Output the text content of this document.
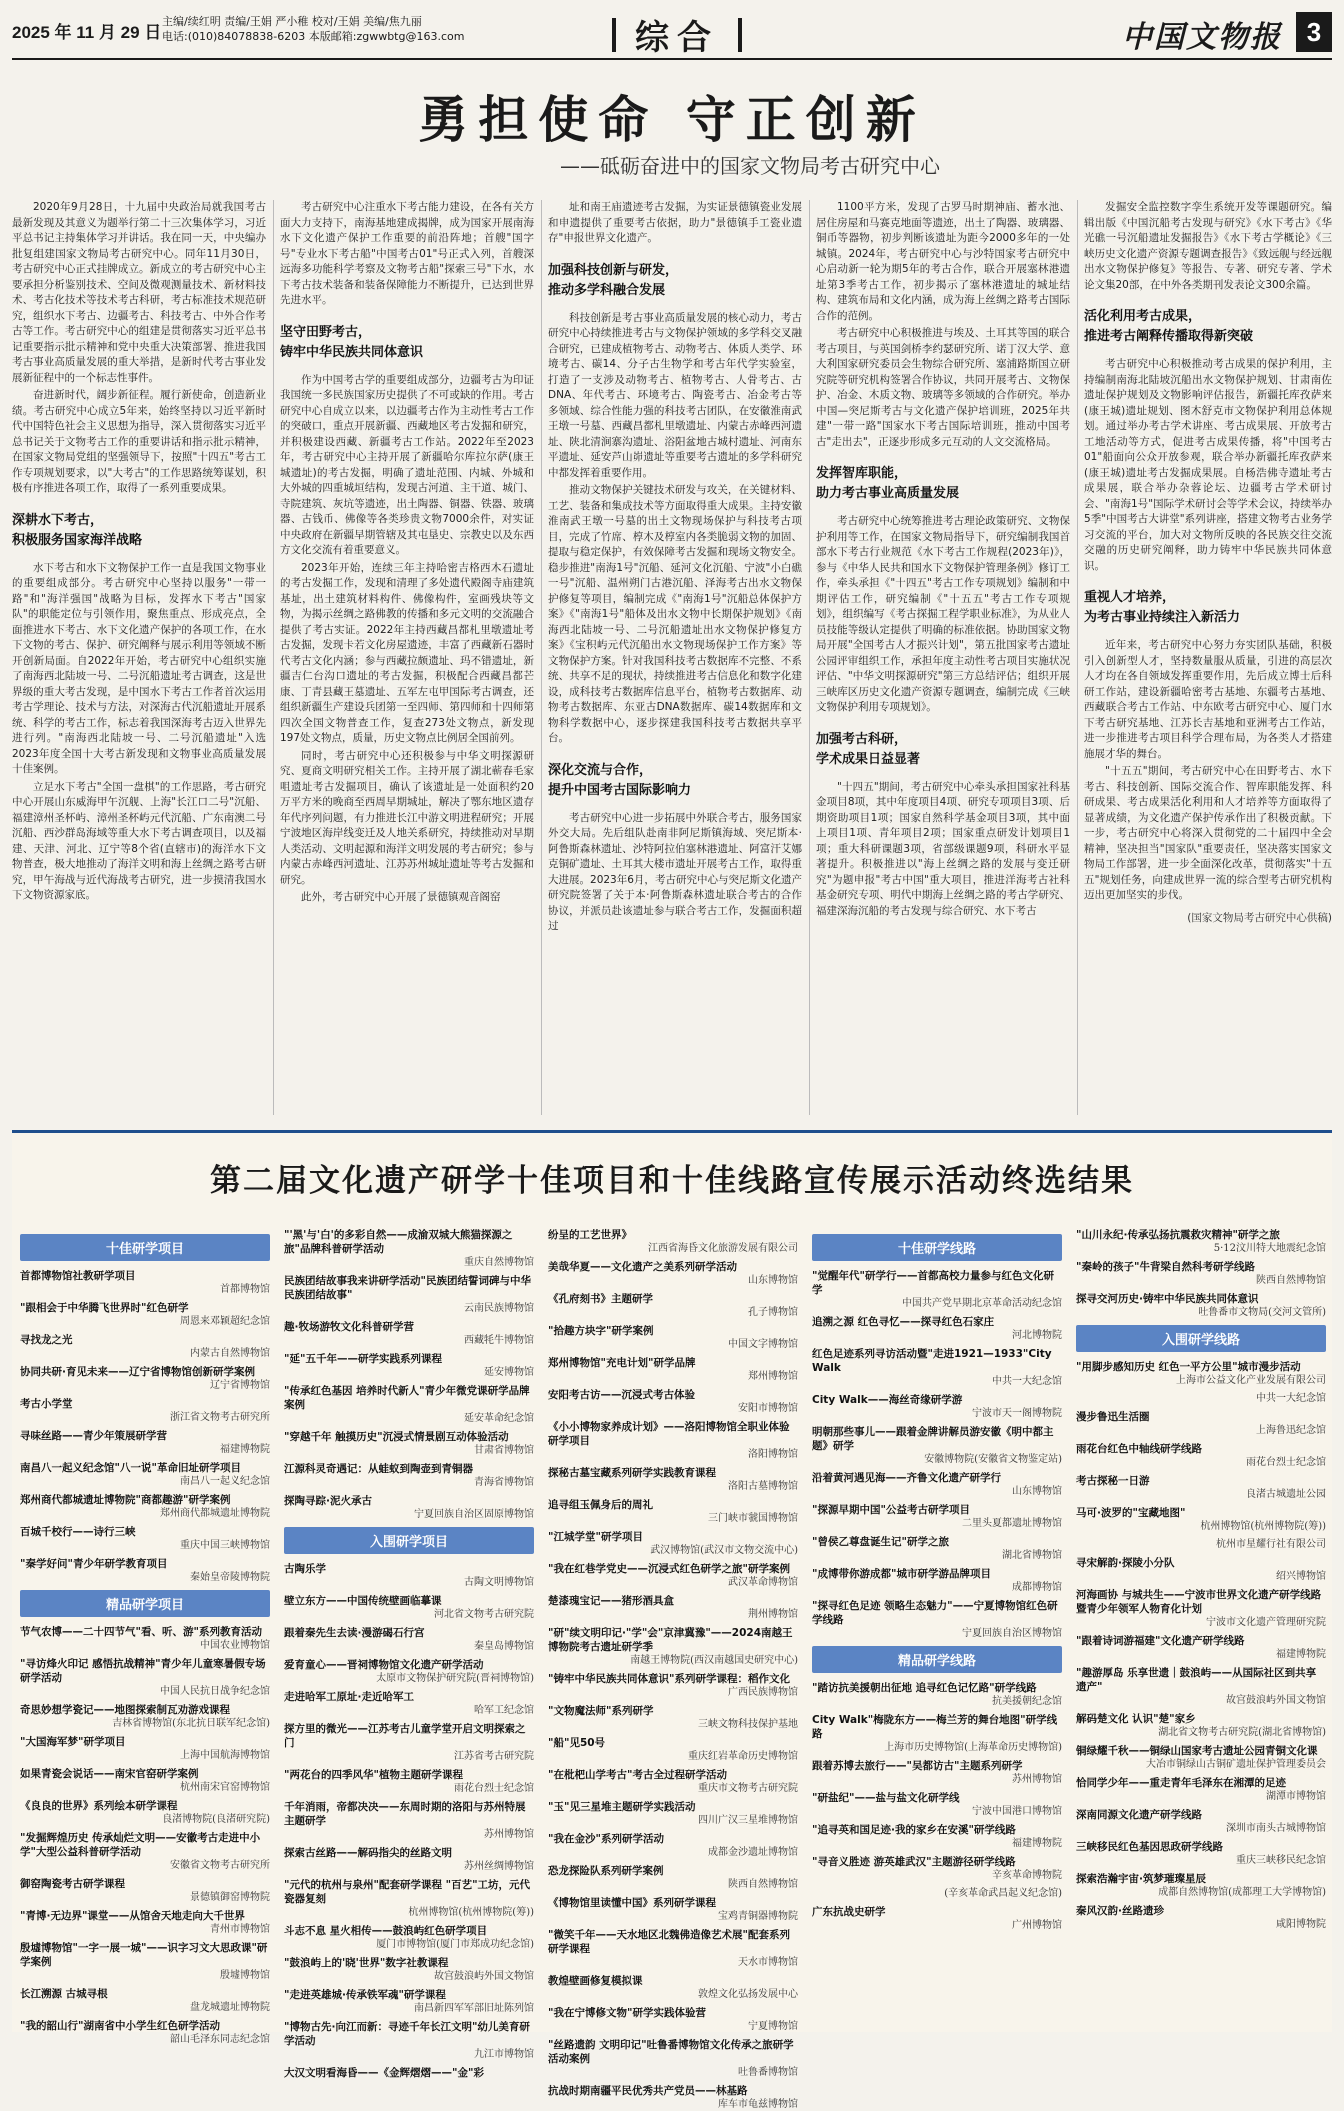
2025 年 11 月 29 日
主编/续红明 责编/王娟 严小稚 校对/王娟 美编/焦九丽
电话:(010)84078838-6203 本版邮箱:zgwwbtg@163.com	综合	中国文物报 3
勇担使命 守正创新
——砥砺奋进中的国家文物局考古研究中心

2020年9月28日，十九届中央政治局就我国考古最新发现及其意义为题举行第二十三次集体学习，习近平总书记主持集体学习并讲话。我在同一天，中央编办批复组建国家文物局考古研究中心。同年11月30日，考古研究中心正式挂牌成立。新成立的考古研究中心主要承担分析鉴别技术、空间及微观测量技术、新材料技术、考古化技术等技术考古科研，考古标准技术规范研究，组织水下考古、边疆考古、科技考古、中外合作考古等工作。考古研究中心的组建是贯彻落实习近平总书记重要指示批示精神和党中央重大决策部署、推进我国考古事业高质量发展的重大举措，是新时代考古事业发展新征程中的一个标志性事件。

奋进新时代，阔步新征程。履行新使命，创造新业绩。考古研究中心成立5年来，始终坚持以习近平新时代中国特色社会主义思想为指导，深入贯彻落实习近平总书记关于文物考古工作的重要讲话和指示批示精神，在国家文物局党组的坚强领导下，按照"十四五"考古工作专项规划要求，以"大考古"的工作思路统筹谋划，积极有序推进各项工作，取得了一系列重要成果。

深耕水下考古，
积极服务国家海洋战略

水下考古和水下文物保护工作一直是我国文物事业的重要组成部分。考古研究中心坚持以服务"一带一路"和"海洋强国"战略为目标，发挥水下考古"国家队"的职能定位与引领作用，聚焦重点、形成亮点，全面推进水下考古、水下文化遗产保护的各项工作，在水下文物的考古、保护、研究阐释与展示利用等领域不断开创新局面。自2022年开始，考古研究中心组织实施了南海西北陆坡一号、二号沉船遗址考古调查，这是世界级的重大考古发现，是中国水下考古工作者首次运用考古学理论、技术与方法，对深海古代沉船遗址开展系统、科学的考古工作，标志着我国深海考古迈入世界先进行列。"南海西北陆坡一号、二号沉船遗址"入选2023年度全国十大考古新发现和文物事业高质量发展十佳案例。

立足水下考古"全国一盘棋"的工作思路，考古研究中心开展山东威海甲午沉舰、上海"长江口二号"沉船、福建漳州圣杯屿、漳州圣杯屿元代沉船、广东南澳二号沉船、西沙群岛海域等重大水下考古调查项目，以及福建、天津、河北、辽宁等8个省(直辖市)的海洋水下文物普查，极大地推动了海洋文明和海上丝绸之路考古研究，甲午海战与近代海战考古研究，进一步摸清我国水下文物资源家底。

考古研究中心注重水下考古能力建设，在各有关方面大力支持下，南海基地建成揭牌，成为国家开展南海水下文化遗产保护工作重要的前沿阵地；首艘"国字号"专业水下考古船"中国考古01"号正式入列，首艘深远海多功能科学考察及文物考古船"探索三号"下水，水下考古技术装备和装备保障能力不断提升，已达到世界先进水平。

坚守田野考古，
铸牢中华民族共同体意识

作为中国考古学的重要组成部分，边疆考古为印证我国统一多民族国家历史提供了不可或缺的作用。考古研究中心自成立以来，以边疆考古作为主动性考古工作的突破口，重点开展新疆、西藏地区考古发掘和研究，并积极建设西藏、新疆考古工作站。2022年至2023年，考古研究中心主持开展了新疆哈尔库拉尔萨(康王城遗址)的考古发掘，明确了遗址范围、内城、外城和大外城的四重城垣结构，发现古河道、主干道、城门、寺院建筑、灰坑等遗迹，出土陶器、铜器、铁器、玻璃器、古钱币、佛像等各类珍贵文物7000余件，对实证中央政府在新疆早期管辖及其屯垦史、宗教史以及东西方文化交流有着重要意义。

2023年开始，连续三年主持哈密吉格西木石遗址的考古发掘工作，发现和清理了多处遗代殿阁寺庙建筑基址，出土建筑材料构件、佛像构件，室画残块等文物，为揭示丝绸之路佛教的传播和多元文明的交流融合提供了考古实证。2022年主持西藏昌都札里墩遗址考古发掘，发现卡若文化房屋遗迹，丰富了西藏新石器时代考古文化内涵；参与西藏拉颇遗址、玛不错遗址，新疆吉仁台沟口遗址的考古发掘，积极配合西藏昌都芒康、丁青县藏王墓遗址、五军左屯甲国际考古调查，还组织新疆生产建设兵团第一至四师、第四师和十四师第四次全国文物普查工作，复查273处文物点，新发现197处文物点，质量，历史文物点比例居全国前列。

同时，考古研究中心还积极参与中华文明探源研究、夏商文明研究相关工作。主持开展了湖北蕲春毛家咀遗址考古发掘项目，确认了该遗址是一处面积约20万平方米的晚商至西周早期城址，解决了鄂东地区遗存年代序列问题，有力推进长江中游文明进程研究；开展宁波地区海岸线变迁及人地关系研究，持续推动对早期人类活动、文明起源和海洋文明发展的考古研究；参与内蒙古赤峰西河遗址、江苏苏州城址遗址等考古发掘和研究。

此外，考古研究中心开展了景德镇观音阁窑

址和南王庙遗迹考古发掘，为实证景德镇瓷业发展和申遗提供了重要考古依据，助力"景德镇手工瓷业遗存"申报世界文化遗产。

加强科技创新与研发，
推动多学科融合发展

科技创新是考古事业高质量发展的核心动力，考古研究中心持续推进考古与文物保护领域的多学科交叉融合研究，已建成植物考古、动物考古、体质人类学、环境考古、碳14、分子古生物学和考古年代学实验室，打造了一支涉及动物考古、植物考古、人骨考古、古DNA、年代考古、环境考古、陶瓷考古、冶金考古等多领域、综合性能力强的科技考古团队，在安徽淮南武王墩一号墓、西藏昌都札里墩遗址、内蒙古赤峰西河遗址、陕北清涧寨沟遗址、浴阳盆地古城村遗址、河南东平遗址、延安芦山峁遗址等重要考古遗址的多学科研究中都发挥着重要作用。

推动文物保护关键技术研发与攻关，在关键材料、工艺、装备和集成技术等方面取得重大成果。主持安徽淮南武王墩一号墓的出土文物现场保护与科技考古项目，完成了竹席、椁木及椁室内各类脆弱文物的加固、提取与稳定保护，有效保障考古发掘和现场文物安全。稳步推进"南海1号"沉船、延河文化沉船、宁波"小白礁一号"沉船、温州朔门古港沉船、泽海考古出水文物保护修复等项目，编制完成《"南海1号"沉船总体保护方案》《"南海1号"船体及出水文物中长期保护规划》《南海西北陆坡一号、二号沉船遗址出水文物保护修复方案》《宝积屿元代沉船出水文物现场保护工作方案》等文物保护方案。针对我国科技考古数据库不完整、不系统、共享不足的现状，持续推进考古信息化和数字化建设，成科技考古数据库信息平台，植物考古数据库、动物考古数据库、东亚古DNA数据库、碳14数据库和文物科学数据中心，逐步探建我国科技考古数据共享平台。

深化交流与合作，
提升中国考古国际影响力

考古研究中心进一步拓展中外联合考古，服务国家外交大局。先后组队赴南非阿尼斯镇海域、突尼斯本·阿鲁斯森林遗址、沙特阿拉伯塞林港遗址、阿富汗艾娜克铜矿遗址、土耳其大楼市遗址开展考古工作，取得重大进展。2023年6月，考古研究中心与突尼斯文化遗产研究院签署了关于本·阿鲁斯森林遗址联合考古的合作协议，并派员赴该遗址参与联合考古工作，发掘面积超过

1100平方米，发现了古罗马时期神庙、蓄水池、居住房屋和马赛克地面等遗迹，出土了陶器、玻璃器、铜币等器物，初步判断该遗址为距今2000多年的一处城镇。2024年，考古研究中心与沙特国家考古研究中心启动新一轮为期5年的考古合作，联合开展塞林港遗址第3季考古工作，初步揭示了塞林港遗址的城址结构、建筑布局和文化内涵，成为海上丝绸之路考古国际合作的范例。

考古研究中心积极推进与埃及、土耳其等国的联合考古项目，与英国剑桥李约瑟研究所、诺丁汉大学、意大利国家研究委员会生物综合研究所、塞浦路斯国立研究院等研究机构签署合作协议，共同开展考古、文物保护、冶金、木质文物、玻璃等多领域的合作研究。举办中国—突尼斯考古与文化遗产保护培训班，2025年共建"一带一路"国家水下考古国际培训班，推动中国考古"走出去"，正逐步形成多元互动的人文交流格局。

发挥智库职能，
助力考古事业高质量发展

考古研究中心统筹推进考古理论政策研究、文物保护利用等工作，在国家文物局指导下，研究编制我国首部水下考古行业规范《水下考古工作规程(2023年)》，参与《中华人民共和国水下文物保护管理条例》修订工作，牵头承担《"十四五"考古工作专项规划》编制和中期评估工作，研究编制《"十五五"考古工作专项规划》，组织编写《考古探掘工程学职业标准》，为从业人员技能等级认定提供了明确的标准依据。协助国家文物局开展"全国考古人才振兴计划"，第五批国家考古遗址公园评审组织工作，承担年度主动性考古项目实施状况评估、"中华文明探源研究"第三方总结评估；组织开展三峡库区历史文化遗产资源专题调查，编制完成《三峡文物保护利用专项规划》。

加强考古科研，
学术成果日益显著

"十四五"期间，考古研究中心牵头承担国家社科基金项目8项，其中年度项目4项、研究专项项目3项、后期资助项目1项；国家自然科学基金项目3项，其中面上项目1项、青年项目2项；国家重点研发计划项目1项；重大科研课题3项，省部级课题9项，科研水平显著提升。积极推进以"海上丝绸之路的发展与变迁研究"为题申报"考古中国"重大项目，推进洋海考古社科基金研究专项、明代中期海上丝绸之路的考古学研究、福建深海沉船的考古发现与综合研究、水下考古

发掘安全监控数字孪生系统开发等课题研究。编辑出版《中国沉船考古发现与研究》《水下考古》《华光礁一号沉船遗址发掘报告》《水下考古学概论》《三峡历史文化遗产资源专题调查报告》《致远舰与经远舰出水文物保护修复》等报告、专著、研究专著、学术论文集20部，在中外各类期刊发表论文300余篇。

活化利用考古成果，
推进考古阐释传播取得新突破

考古研究中心积极推动考古成果的保护利用，主持编制南海北陆坡沉船出水文物保护规划、甘肃南佐遗址保护规划及文物影响评估报告，新疆托库孜萨来(康王城)遗址规划、图木舒克市文物保护利用总体规划。通过举办考古学术讲座、考古成果展、开放考古工地活动等方式，促进考古成果传播，将"中国考古01"船面向公众开放参观，联合举办新疆托库孜萨来(康王城)遗址考古发掘成果展。自杨浩佛寺遗址考古成果展，联合举办杂蓉论坛、边疆考古学术研讨会、"南海1号"国际学术研讨会等学术会议，持续举办5季"中国考古大讲堂"系列讲座，搭建文物考古业务学习交流的平台，加大对文物所反映的各民族交往交流交融的历史研究阐释，助力铸牢中华民族共同体意识。

重视人才培养，
为考古事业持续注入新活力

近年来，考古研究中心努力夯实团队基础，积极引入创新型人才，坚持数量服从质量，引进的高层次人才均在各自领域发挥重要作用，先后成立博士后科研工作站，建设新疆哈密考古基地、东疆考古基地、西藏联合考古工作站、中东欧考古研究中心、厦门水下考古研究基地、江苏长吉基地和亚洲考古工作站，进一步推进考古项目科学合理布局，为各类人才搭建施展才华的舞台。

"十五五"期间，考古研究中心在田野考古、水下考古、科技创新、国际交流合作、智库职能发挥、科研成果、考古成果活化利用和人才培养等方面取得了显著成绩，为文化遗产保护传承作出了积极贡献。下一步，考古研究中心将深入贯彻党的二十届四中全会精神，坚决担当"国家队"重要责任，坚决落实国家文物局工作部署，进一步全面深化改革，贯彻落实"十五五"规划任务，向建成世界一流的综合型考古研究机构迈出更加坚实的步伐。

(国家文物局考古研究中心供稿)
第二届文化遗产研学十佳项目和十佳线路宣传展示活动终选结果
十佳研学项目
首都博物馆社教研学项目
首都博物馆
"跟相会于中华腾飞世界时"红色研学
周恩来邓颖超纪念馆
寻找龙之光
内蒙古自然博物馆
协同共研·育见未来——辽宁省博物馆创新研学案例
辽宁省博物馆
考古小学堂
浙江省文物考古研究所
寻味丝路——青少年策展研学营
福建博物院
南昌八一起义纪念馆"八一说"革命旧址研学项目
南昌八一起义纪念馆
郑州商代都城遗址博物院"商都趣游"研学案例
郑州商代都城遗址博物院
百城千校行——诗行三峡
重庆中国三峡博物馆
"秦学好问"青少年研学教育项目
秦始皇帝陵博物院
精品研学项目
节气农博——二十四节气"看、听、游"系列教育活动
中国农业博物馆
"寻访烽火印记 感悟抗战精神"青少年儿童寒暑假专场研学活动
中国人民抗日战争纪念馆
奇思妙想学瓷记——地图探索制瓦劝游戏课程
吉林省博物馆(东北抗日联军纪念馆)
"大国海军梦"研学项目
上海中国航海博物馆
如果青瓷会说话——南宋官窑研学案例
杭州南宋官窑博物馆
《良良的世界》系列绘本研学课程
良渚博物院(良渚研究院)
"发掘辉煌历史 传承灿烂文明——安徽考古走进中小学"大型公益科普研学活动
安徽省文物考古研究所
御窑陶瓷考古研学课程
景德镇御窑博物院
"青博·无边界"课堂——从馆舍天地走向大千世界
青州市博物馆
殷墟博物馆"一字一展一城"——识字习文大思政课"研学案例
殷墟博物馆
长江溯源 古城寻根
盘龙城遗址博物院
"我的韶山行"湖南省中小学生红色研学活动
韶山毛泽东同志纪念馆
"'黑'与'白'的多彩自然——成渝双城大熊猫探源之旅"品牌科普研学活动
重庆自然博物馆
民族团结故事我来讲研学活动"民族团结誓词碑与中华民族团结故事"
云南民族博物馆
趣·牧场游牧文化科普研学营
西藏牦牛博物馆
"延"五千年——研学实践系列课程
延安博物馆
"传承红色基因 培养时代新人"青少年微党课研学品牌案例
延安革命纪念馆
"穿越千年 触摸历史"沉浸式情景剧互动体验活动
甘肃省博物馆
江源科灵奇遇记：从蛙蚁到陶壶到青铜器
青海省博物馆
探陶寻踪·泥火承古
宁夏回族自治区固原博物馆
入围研学项目
古陶乐学
古陶文明博物馆
壁立东方——中国传统壁画临摹课
河北省文物考古研究院
跟着秦先生去读·漫游碣石行宫
秦皇岛博物馆
爱育童心——晋祠博物馆文化遗产研学活动
太原市文物保护研究院(晋祠博物馆)
走进哈军工原址·走近哈军工
哈军工纪念馆
探方里的微光——江苏考古儿童学堂开启文明探索之门
江苏省考古研究院
"两花台的四季风华"植物主题研学课程
雨花台烈士纪念馆
千年消雨，帝都决决——东周时期的洛阳与苏州特展主题研学
苏州博物馆
探索古丝路——解码指尖的丝路文明
苏州丝绸博物馆
"元代的杭州与泉州"配套研学课程 "百艺"工坊，元代瓷器复刻
杭州博物馆(杭州博物院(筹))
斗志不息 星火相传——鼓浪屿红色研学项目
厦门市博物馆(厦门市郑成功纪念馆)
"鼓浪屿上的'晓'世界"数字社教课程
故宫鼓浪屿外国文物馆
"走进英雄城·传承铁军魂"研学课程
南昌新四军军部旧址陈列馆
"博物古先·向江而新：寻迹千年长江文明"幼儿美育研学活动
九江市博物馆
大汉文明看海昏——《金辉熠熠——"金"彩
纷呈的工艺世界》
江西省海昏文化旅游发展有限公司
美哉华夏——文化遗产之美系列研学活动
山东博物馆
《孔府刻书》主题研学
孔子博物馆
"拾趣方块字"研学案例
中国文字博物馆
郑州博物馆"充电计划"研学品牌
郑州博物馆
安阳考古访——沉浸式考古体验
安阳市博物馆
《小小博物家养成计划》——洛阳博物馆全职业体验研学项目
洛阳博物馆
探秘古墓宝藏系列研学实践教育课程
洛阳古墓博物馆
追寻组玉佩身后的周礼
三门峡市虢国博物馆
"江城学堂"研学项目
武汉博物馆(武汉市文物交流中心)
"我在红巷学党史——沉浸式红色研学之旅"研学案例
武汉革命博物馆
楚漆瑰宝记——猪形酒具盒
荆州博物馆
"研"续文明印记·"学"会"京津冀豫"——2024南越王博物院考古遗址研学季
南越王博物院(西汉南越国史研究中心)
"铸牢中华民族共同体意识"系列研学课程：稻作文化
广西民族博物馆
"文物魔法师"系列研学
三峡文物科技保护基地
"船"见50号
重庆红岩革命历史博物馆
"在枇杷山学考古"考古全过程研学活动
重庆市文物考古研究院
"玉"见三星堆主题研学实践活动
四川广汉三星堆博物馆
"我在金沙"系列研学活动
成都金沙遗址博物馆
恐龙探险队系列研学案例
陕西自然博物馆
《博物馆里读懂中国》系列研学课程
宝鸡青铜器博物院
"微笑千年——天水地区北魏佛造像艺术展"配套系列研学课程
天水市博物馆
教煌壁画修复模拟课
敦煌文化弘扬发展中心
"我在宁博修文物"研学实践体验营
宁夏博物馆
"丝路遗韵 文明印记"吐鲁番博物馆文化传承之旅研学活动案例
吐鲁番博物馆
抗战时期南疆平民优秀共产党员——林基路
库车市龟兹博物馆
十佳研学线路
"觉醒年代"研学行——首都高校力量参与红色文化研学
中国共产党早期北京革命活动纪念馆
追溯之源 红色寻忆——探寻红色石家庄
河北博物院
红色足迹系列寻访活动暨"走进1921—1933"City Walk
中共一大纪念馆
City Walk——海丝奇缘研学游
宁波市天一阁博物院
明朝那些事儿——跟着金牌讲解员游安徽《明中都主题》研学
安徽博物院(安徽省文物鉴定站)
沿着黄河遇见海——齐鲁文化遗产研学行
山东博物馆
"探源早期中国"公益考古研学项目
二里头夏都遗址博物馆
"曾侯乙尊盘诞生记"研学之旅
湖北省博物馆
"成博带你游成都"城市研学游品牌项目
成都博物馆
"探寻红色足迹 领略生态魅力"——宁夏博物馆红色研学线路
宁夏回族自治区博物馆
精品研学线路
"踏访抗美援朝出征地 追寻红色记忆路"研学线路
抗美援朝纪念馆
City Walk"梅陇东方——梅兰芳的舞台地图"研学线路
上海市历史博物馆(上海革命历史博物馆)
跟着苏博去旅行——"吴都访古"主题系列研学
苏州博物馆
"研盐纪"——盐与盐文化研学线
宁波中国港口博物馆
"追寻英和国足迹·我的家乡在安溪"研学线路
福建博物院
"寻音义胜迹 游英雄武汉"主题游径研学线路
辛亥革命博物院
(辛亥革命武昌起义纪念馆)
广东抗战史研学
广州博物馆
"山川永纪·传承弘扬抗震救灾精神"研学之旅
5·12汶川特大地震纪念馆
"秦岭的孩子"牛背梁自然科考研学线路
陕西自然博物馆
探寻交河历史·铸牢中华民族共同体意识
吐鲁番市文物局(交河文管所)
入围研学线路
"用脚步感知历史 红色一平方公里"城市漫步活动
上海市公益文化产业发展有限公司
中共一大纪念馆
漫步鲁迅生活圈
上海鲁迅纪念馆
雨花台红色中轴线研学线路
雨花台烈士纪念馆
考古探秘一日游
良渚古城遗址公园
马可·波罗的"宝藏地图"
杭州博物馆(杭州博物院(筹))
杭州市星耀行社有限公司
寻宋解韵·探陵小分队
绍兴博物馆
河海画协 与城共生——宁波市世界文化遗产研学线路暨青少年领军人物育化计划
宁波市文化遗产管理研究院
"跟着诗词游福建"文化遗产研学线路
福建博物院
"趣游厚岛 乐享世遗｜鼓浪屿——从国际社区到共享遗产"
故宫鼓浪屿外国文物馆
解码楚文化 认识"楚"家乡
湖北省文物考古研究院(湖北省博物馆)
铜绿耀千秋——铜绿山国家考古遗址公园青铜文化课
大冶市铜绿山古铜矿遗址保护管理委员会
恰同学少年——重走青年毛泽东在湘潭的足迹
湖潭市博物馆
深南同源文化遗产研学线路
深圳市南头古城博物馆
三峡移民红色基因思政研学线路
重庆三峡移民纪念馆
探索浩瀚宇宙·筑梦璀璨星辰
成都自然博物馆(成都理工大学博物馆)
秦风汉韵·丝路遗珍
咸阳博物院
